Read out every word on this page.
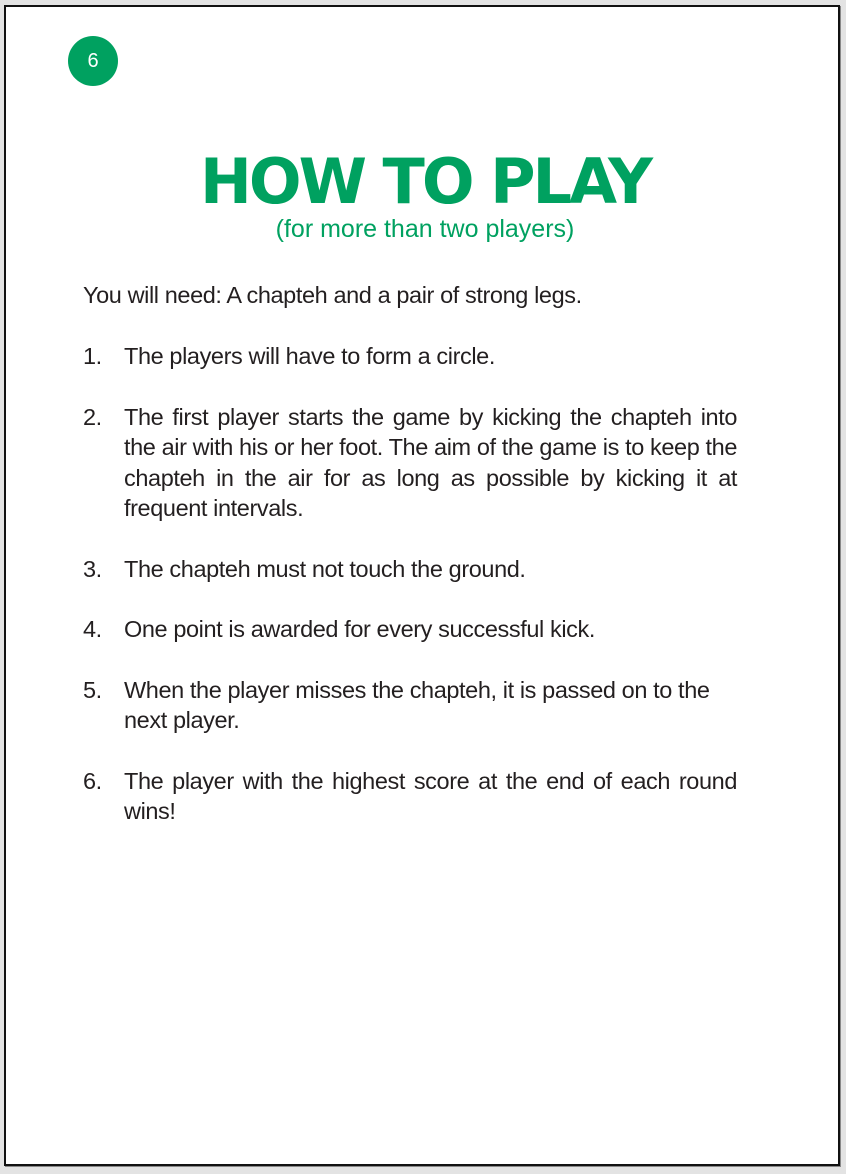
6
HOW TO PLAY
(for more than two players)

You will need: A chapteh and a pair of strong legs.

1. The players will have to form a circle.
2. The first player starts the game by kicking the chapteh into the air with his or her foot. The aim of the game is to keep the chapteh in the air for as long as possible by kicking it at frequent intervals.
3. The chapteh must not touch the ground.
4. One point is awarded for every successful kick.
5. When the player misses the chapteh, it is passed on to the next player.
6. The player with the highest score at the end of each round wins!
